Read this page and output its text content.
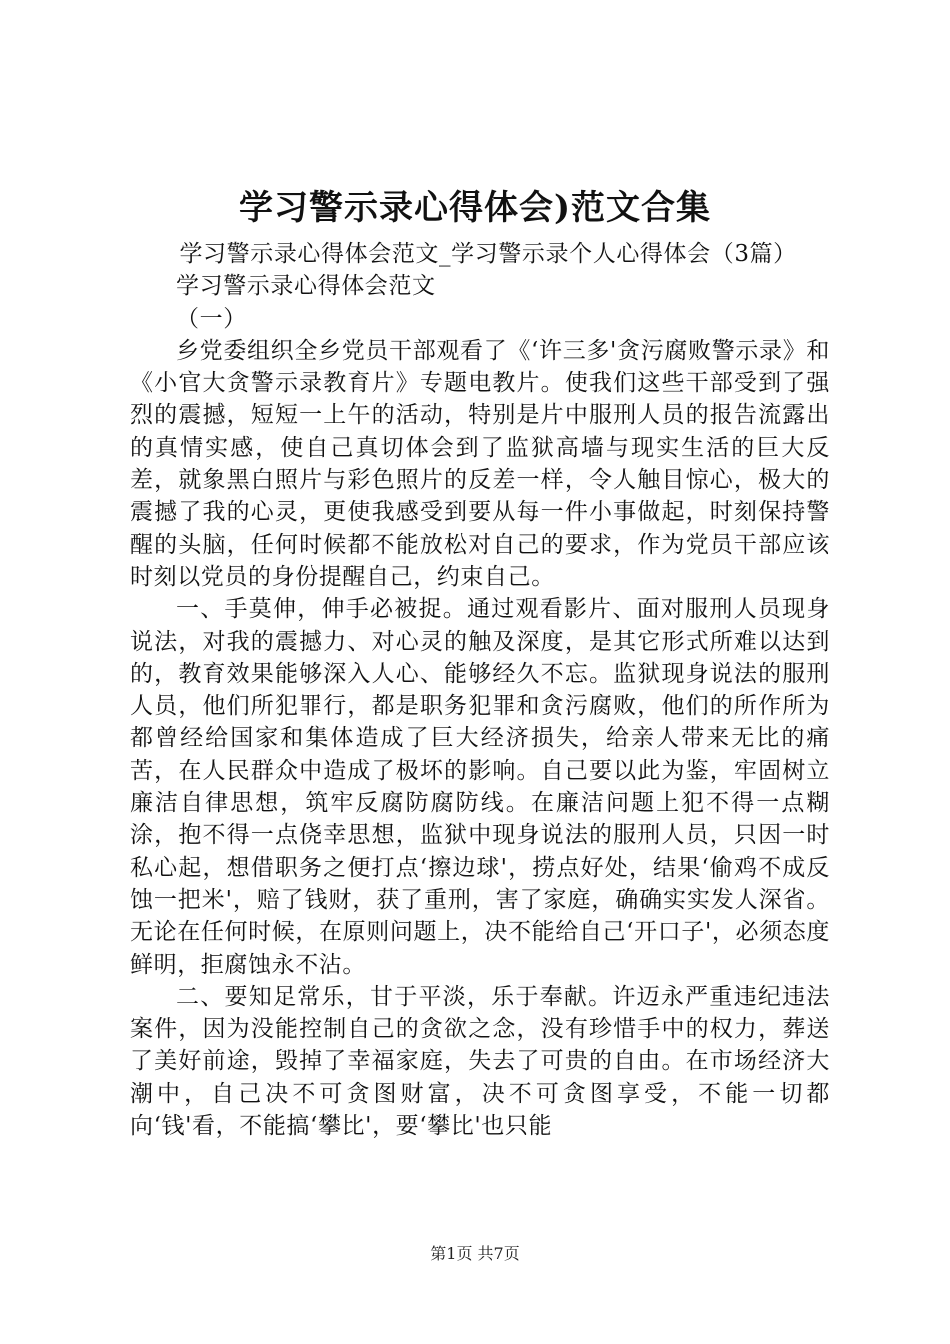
学习警示录心得体会)范文合集

学习警示录心得体会范文_学习警示录个人心得体会（3篇）

学习警示录心得体会范文

（一）

乡党委组织全乡党员干部观看了《‘许三多'贪污腐败警示录》和《小官大贪警示录教育片》专题电教片。使我们这些干部受到了强烈的震撼，短短一上午的活动，特别是片中服刑人员的报告流露出的真情实感，使自己真切体会到了监狱高墙与现实生活的巨大反差，就象黑白照片与彩色照片的反差一样，令人触目惊心，极大的震撼了我的心灵，更使我感受到要从每一件小事做起，时刻保持警醒的头脑，任何时候都不能放松对自己的要求，作为党员干部应该时刻以党员的身份提醒自己，约束自己。

一、手莫伸，伸手必被捉。通过观看影片、面对服刑人员现身说法，对我的震撼力、对心灵的触及深度，是其它形式所难以达到的，教育效果能够深入人心、能够经久不忘。监狱现身说法的服刑人员，他们所犯罪行，都是职务犯罪和贪污腐败，他们的所作所为都曾经给国家和集体造成了巨大经济损失，给亲人带来无比的痛苦，在人民群众中造成了极坏的影响。自己要以此为鉴，牢固树立廉洁自律思想，筑牢反腐防腐防线。在廉洁问题上犯不得一点糊涂，抱不得一点侥幸思想，监狱中现身说法的服刑人员，只因一时私心起，想借职务之便打点‘擦边球'，捞点好处，结果‘偷鸡不成反蚀一把米'，赔了钱财，获了重刑，害了家庭，确确实实发人深省。无论在任何时候，在原则问题上，决不能给自己‘开口子'，必须态度鲜明，拒腐蚀永不沾。

二、要知足常乐，甘于平淡，乐于奉献。许迈永严重违纪违法案件，因为没能控制自己的贪欲之念，没有珍惜手中的权力，葬送了美好前途，毁掉了幸福家庭，失去了可贵的自由。在市场经济大潮中，自己决不可贪图财富，决不可贪图享受，不能一切都向‘钱'看，不能搞‘攀比'，要‘攀比'也只能

第1页 共7页
